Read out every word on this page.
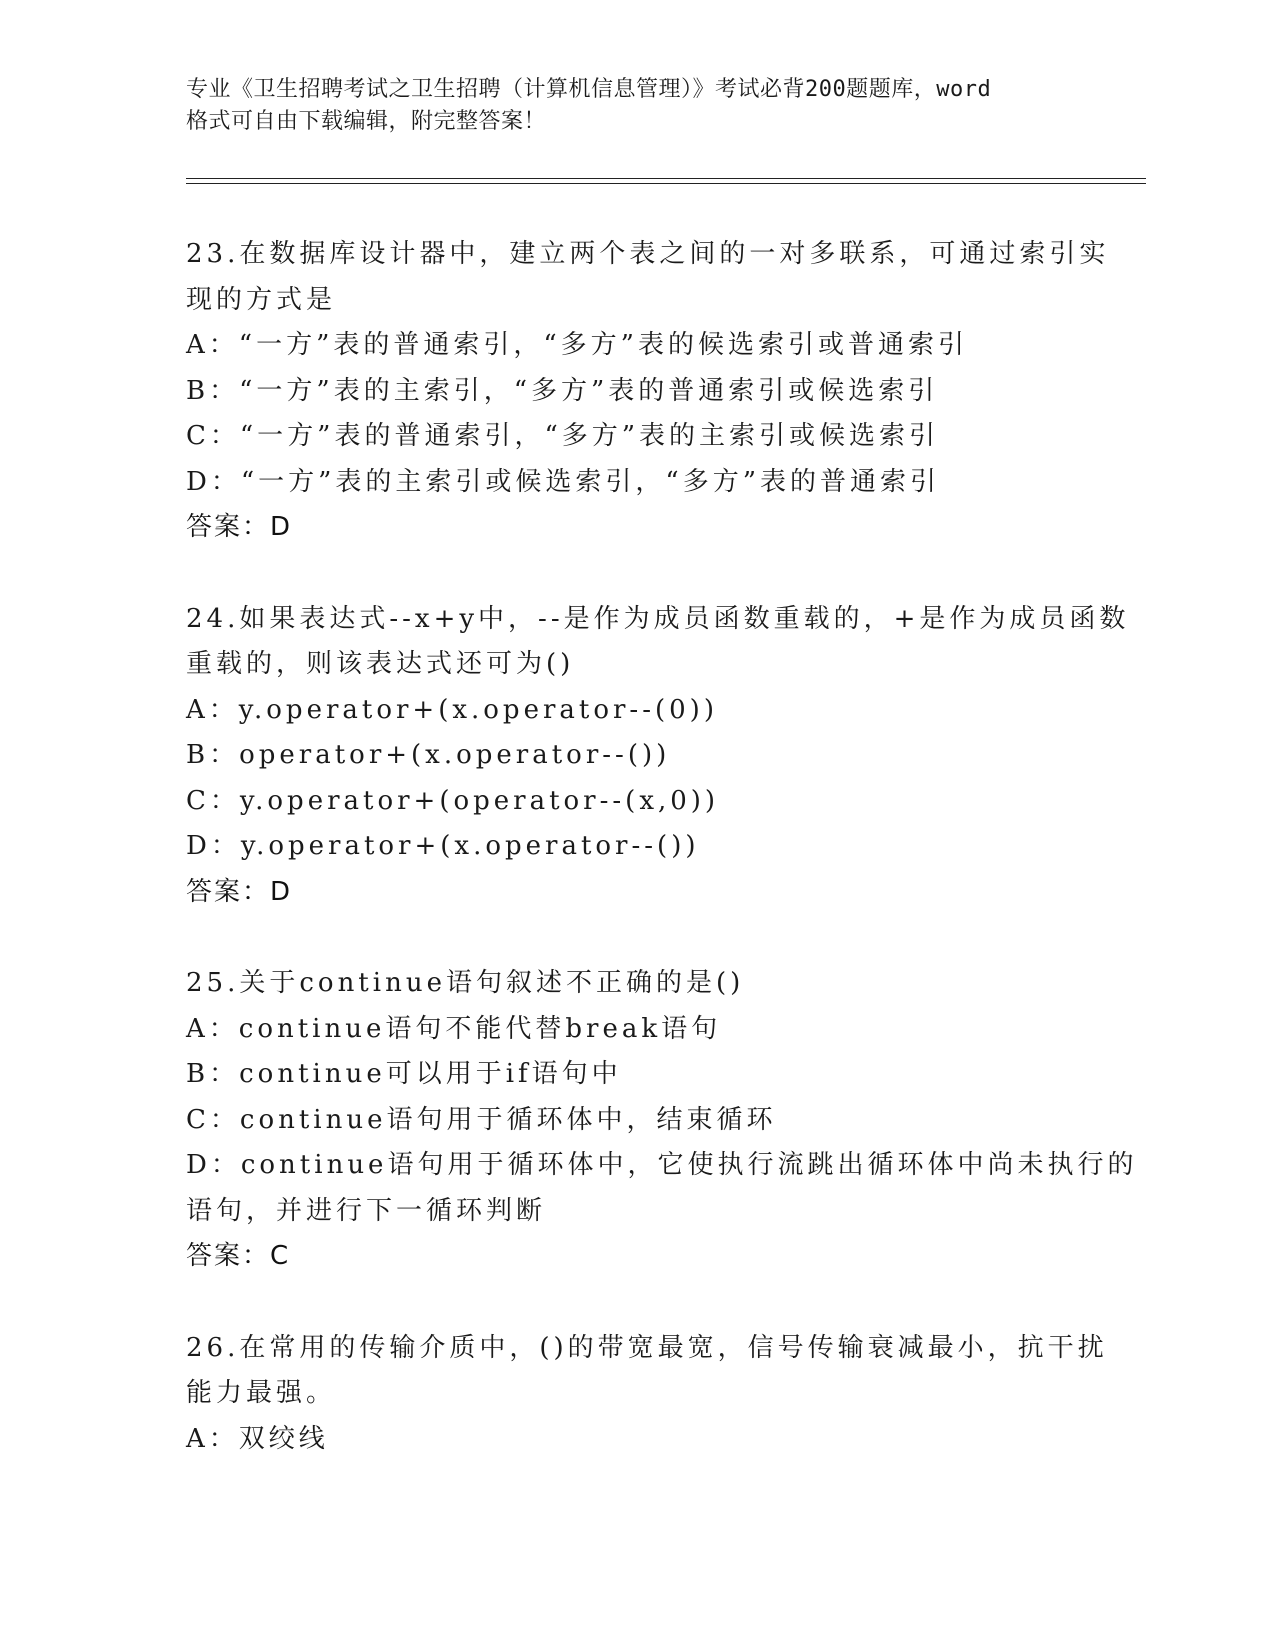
专业《卫生招聘考试之卫生招聘（计算机信息管理）》考试必背200题题库，word
格式可自由下载编辑，附完整答案！
23.在数据库设计器中，建立两个表之间的一对多联系，可通过索引实
现的方式是
A：“一方”表的普通索引，“多方”表的候选索引或普通索引
B：“一方”表的主索引，“多方”表的普通索引或候选索引
C：“一方”表的普通索引，“多方”表的主索引或候选索引
D：“一方”表的主索引或候选索引，“多方”表的普通索引
答案：D
24.如果表达式--x+y中，--是作为成员函数重载的，+是作为成员函数
重载的，则该表达式还可为()
A：y.operator+(x.operator--(0))
B：operator+(x.operator--())
C：y.operator+(operator--(x,0))
D：y.operator+(x.operator--())
答案：D
25.关于continue语句叙述不正确的是()
A：continue语句不能代替break语句
B：continue可以用于if语句中
C：continue语句用于循环体中，结束循环
D：continue语句用于循环体中，它使执行流跳出循环体中尚未执行的
语句，并进行下一循环判断
答案：C
26.在常用的传输介质中，()的带宽最宽，信号传输衰减最小，抗干扰
能力最强。
A：双绞线
